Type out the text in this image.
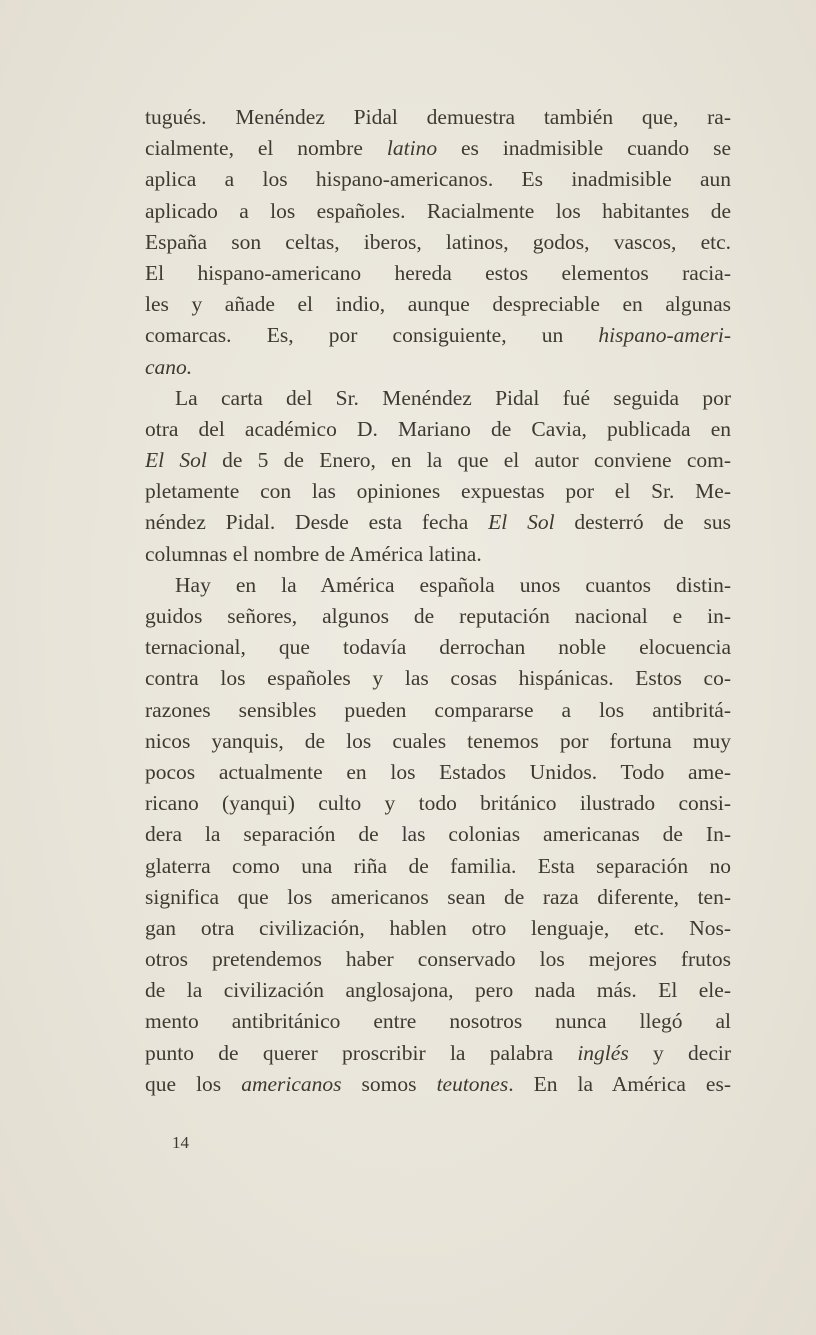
tugués. Menéndez Pidal demuestra también que, ra-
cialmente, el nombre latino es inadmisible cuando se
aplica a los hispano-americanos. Es inadmisible aun
aplicado a los españoles. Racialmente los habitantes de
España son celtas, iberos, latinos, godos, vascos, etc.
El hispano-americano hereda estos elementos racia-
les y añade el indio, aunque despreciable en algunas
comarcas. Es, por consiguiente, un hispano-ameri-
cano.
La carta del Sr. Menéndez Pidal fué seguida por
otra del académico D. Mariano de Cavia, publicada en
El Sol de 5 de Enero, en la que el autor conviene com-
pletamente con las opiniones expuestas por el Sr. Me-
néndez Pidal. Desde esta fecha El Sol desterró de sus
columnas el nombre de América latina.
Hay en la América española unos cuantos distin-
guidos señores, algunos de reputación nacional e in-
ternacional, que todavía derrochan noble elocuencia
contra los españoles y las cosas hispánicas. Estos co-
razones sensibles pueden compararse a los antibritá-
nicos yanquis, de los cuales tenemos por fortuna muy
pocos actualmente en los Estados Unidos. Todo ame-
ricano (yanqui) culto y todo británico ilustrado consi-
dera la separación de las colonias americanas de In-
glaterra como una riña de familia. Esta separación no
significa que los americanos sean de raza diferente, ten-
gan otra civilización, hablen otro lenguaje, etc. Nos-
otros pretendemos haber conservado los mejores frutos
de la civilización anglosajona, pero nada más. El ele-
mento antibritánico entre nosotros nunca llegó al
punto de querer proscribir la palabra inglés y decir
que los americanos somos teutones. En la América es-
14
